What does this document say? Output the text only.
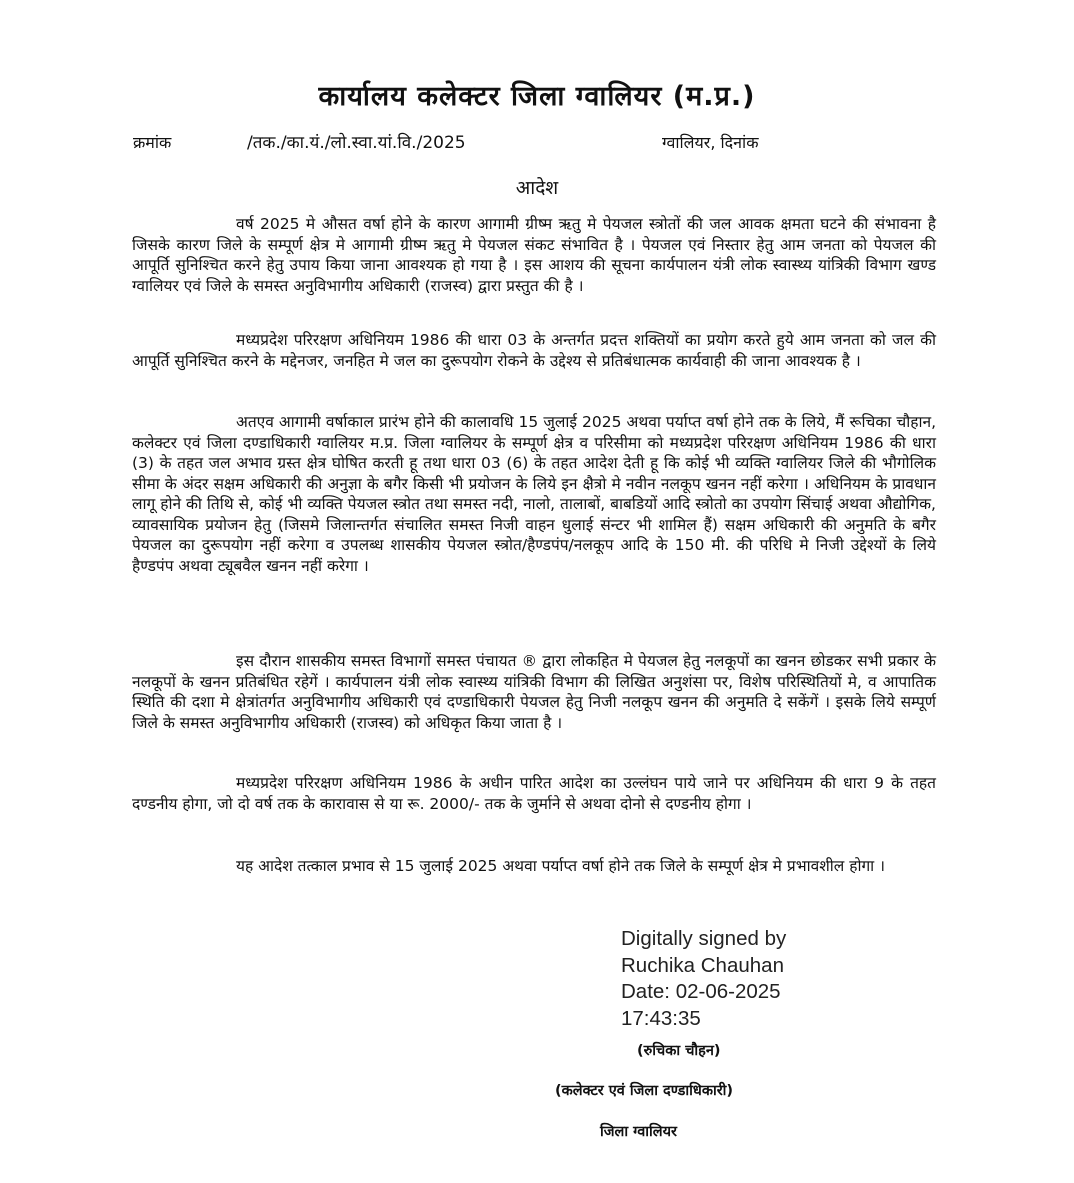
कार्यालय कलेक्टर जिला ग्वालियर (म.प्र.)
क्रमांक	/तक./का.यं./लो.स्वा.यां.वि./2025	ग्वालियर, दिनांक
आदेश

वर्ष 2025 मे औसत वर्षा होने के कारण आगामी ग्रीष्म ऋतु मे पेयजल स्त्रोतों की जल आवक क्षमता घटने की संभावना है जिसके कारण जिले के सम्पूर्ण क्षेत्र मे आगामी ग्रीष्म ऋतु मे पेयजल संकट संभावित है । पेयजल एवं निस्तार हेतु आम जनता को पेयजल की आपूर्ति सुनिश्चित करने हेतु उपाय किया जाना आवश्यक हो गया है । इस आशय की सूचना कार्यपालन यंत्री लोक स्वास्थ्य यांत्रिकी विभाग खण्ड ग्वालियर एवं जिले के समस्त अनुविभागीय अधिकारी (राजस्व) द्वारा प्रस्तुत की है ।

मध्यप्रदेश परिरक्षण अधिनियम 1986 की धारा 03 के अन्तर्गत प्रदत्त शक्तियों का प्रयोग करते हुये आम जनता को जल की आपूर्ति सुनिश्चित करने के मद्देनजर, जनहित मे जल का दुरूपयोग रोकने के उद्देश्य से प्रतिबंधात्मक कार्यवाही की जाना आवश्यक है ।

अतएव आगामी वर्षाकाल प्रारंभ होने की कालावधि 15 जुलाई 2025 अथवा पर्याप्त वर्षा होने तक के लिये, मैं रूचिका चौहान, कलेक्टर एवं जिला दण्डाधिकारी ग्वालियर म.प्र. जिला ग्वालियर के सम्पूर्ण क्षेत्र व परिसीमा को मध्यप्रदेश परिरक्षण अधिनियम 1986 की धारा (3) के तहत जल अभाव ग्रस्त क्षेत्र घोषित करती हू तथा धारा 03 (6) के तहत आदेश देती हू कि कोई भी व्यक्ति ग्वालियर जिले की भौगोलिक सीमा के अंदर सक्षम अधिकारी की अनुज्ञा के बगैर किसी भी प्रयोजन के लिये इन क्षैत्रो मे नवीन नलकूप खनन नहीं करेगा । अधिनियम के प्रावधान लागू होने की तिथि से, कोई भी व्यक्ति पेयजल स्त्रोत तथा समस्त नदी, नालो, तालाबों, बाबडियों आदि स्त्रोतो का उपयोग सिंचाई अथवा औद्योगिक, व्यावसायिक प्रयोजन हेतु (जिसमे जिलान्तर्गत संचालित समस्त निजी वाहन धुलाई संन्टर भी शामिल हैं) सक्षम अधिकारी की अनुमति के बगैर पेयजल का दुरूपयोग नहीं करेगा व उपलब्ध शासकीय पेयजल स्त्रोत/हैण्डपंप/नलकूप आदि के 150 मी. की परिधि मे निजी उद्देश्यों के लिये हैण्डपंप अथवा ट्यूबवैल खनन नहीं करेगा ।

इस दौरान शासकीय समस्त विभागों समस्त पंचायत ® द्वारा लोकहित मे पेयजल हेतु नलकूपों का खनन छोडकर सभी प्रकार के नलकूपों के खनन प्रतिबंधित रहेगें । कार्यपालन यंत्री लोक स्वास्थ्य यांत्रिकी विभाग की लिखित अनुशंसा पर, विशेष परिस्थितियों मे, व आपातिक स्थिति की दशा मे क्षेत्रांतर्गत अनुविभागीय अधिकारी एवं दण्डाधिकारी पेयजल हेतु निजी नलकूप खनन की अनुमति दे सकेंगें । इसके लिये सम्पूर्ण जिले के समस्त अनुविभागीय अधिकारी (राजस्व) को अधिकृत किया जाता है ।

मध्यप्रदेश परिरक्षण अधिनियम 1986 के अधीन पारित आदेश का उल्लंघन पाये जाने पर अधिनियम की धारा 9 के तहत दण्डनीय होगा, जो दो वर्ष तक के कारावास से या रू. 2000/- तक के जुर्माने से अथवा दोनो से दण्डनीय होगा ।

यह आदेश तत्काल प्रभाव से 15 जुलाई 2025 अथवा पर्याप्त वर्षा होने तक जिले के सम्पूर्ण क्षेत्र मे प्रभावशील होगा ।

Digitally signed by
Ruchika Chauhan
Date: 02-06-2025
17:43:35
(रुचिका चौहन)
(कलेक्टर एवं जिला दण्डाधिकारी)
जिला ग्वालियर
